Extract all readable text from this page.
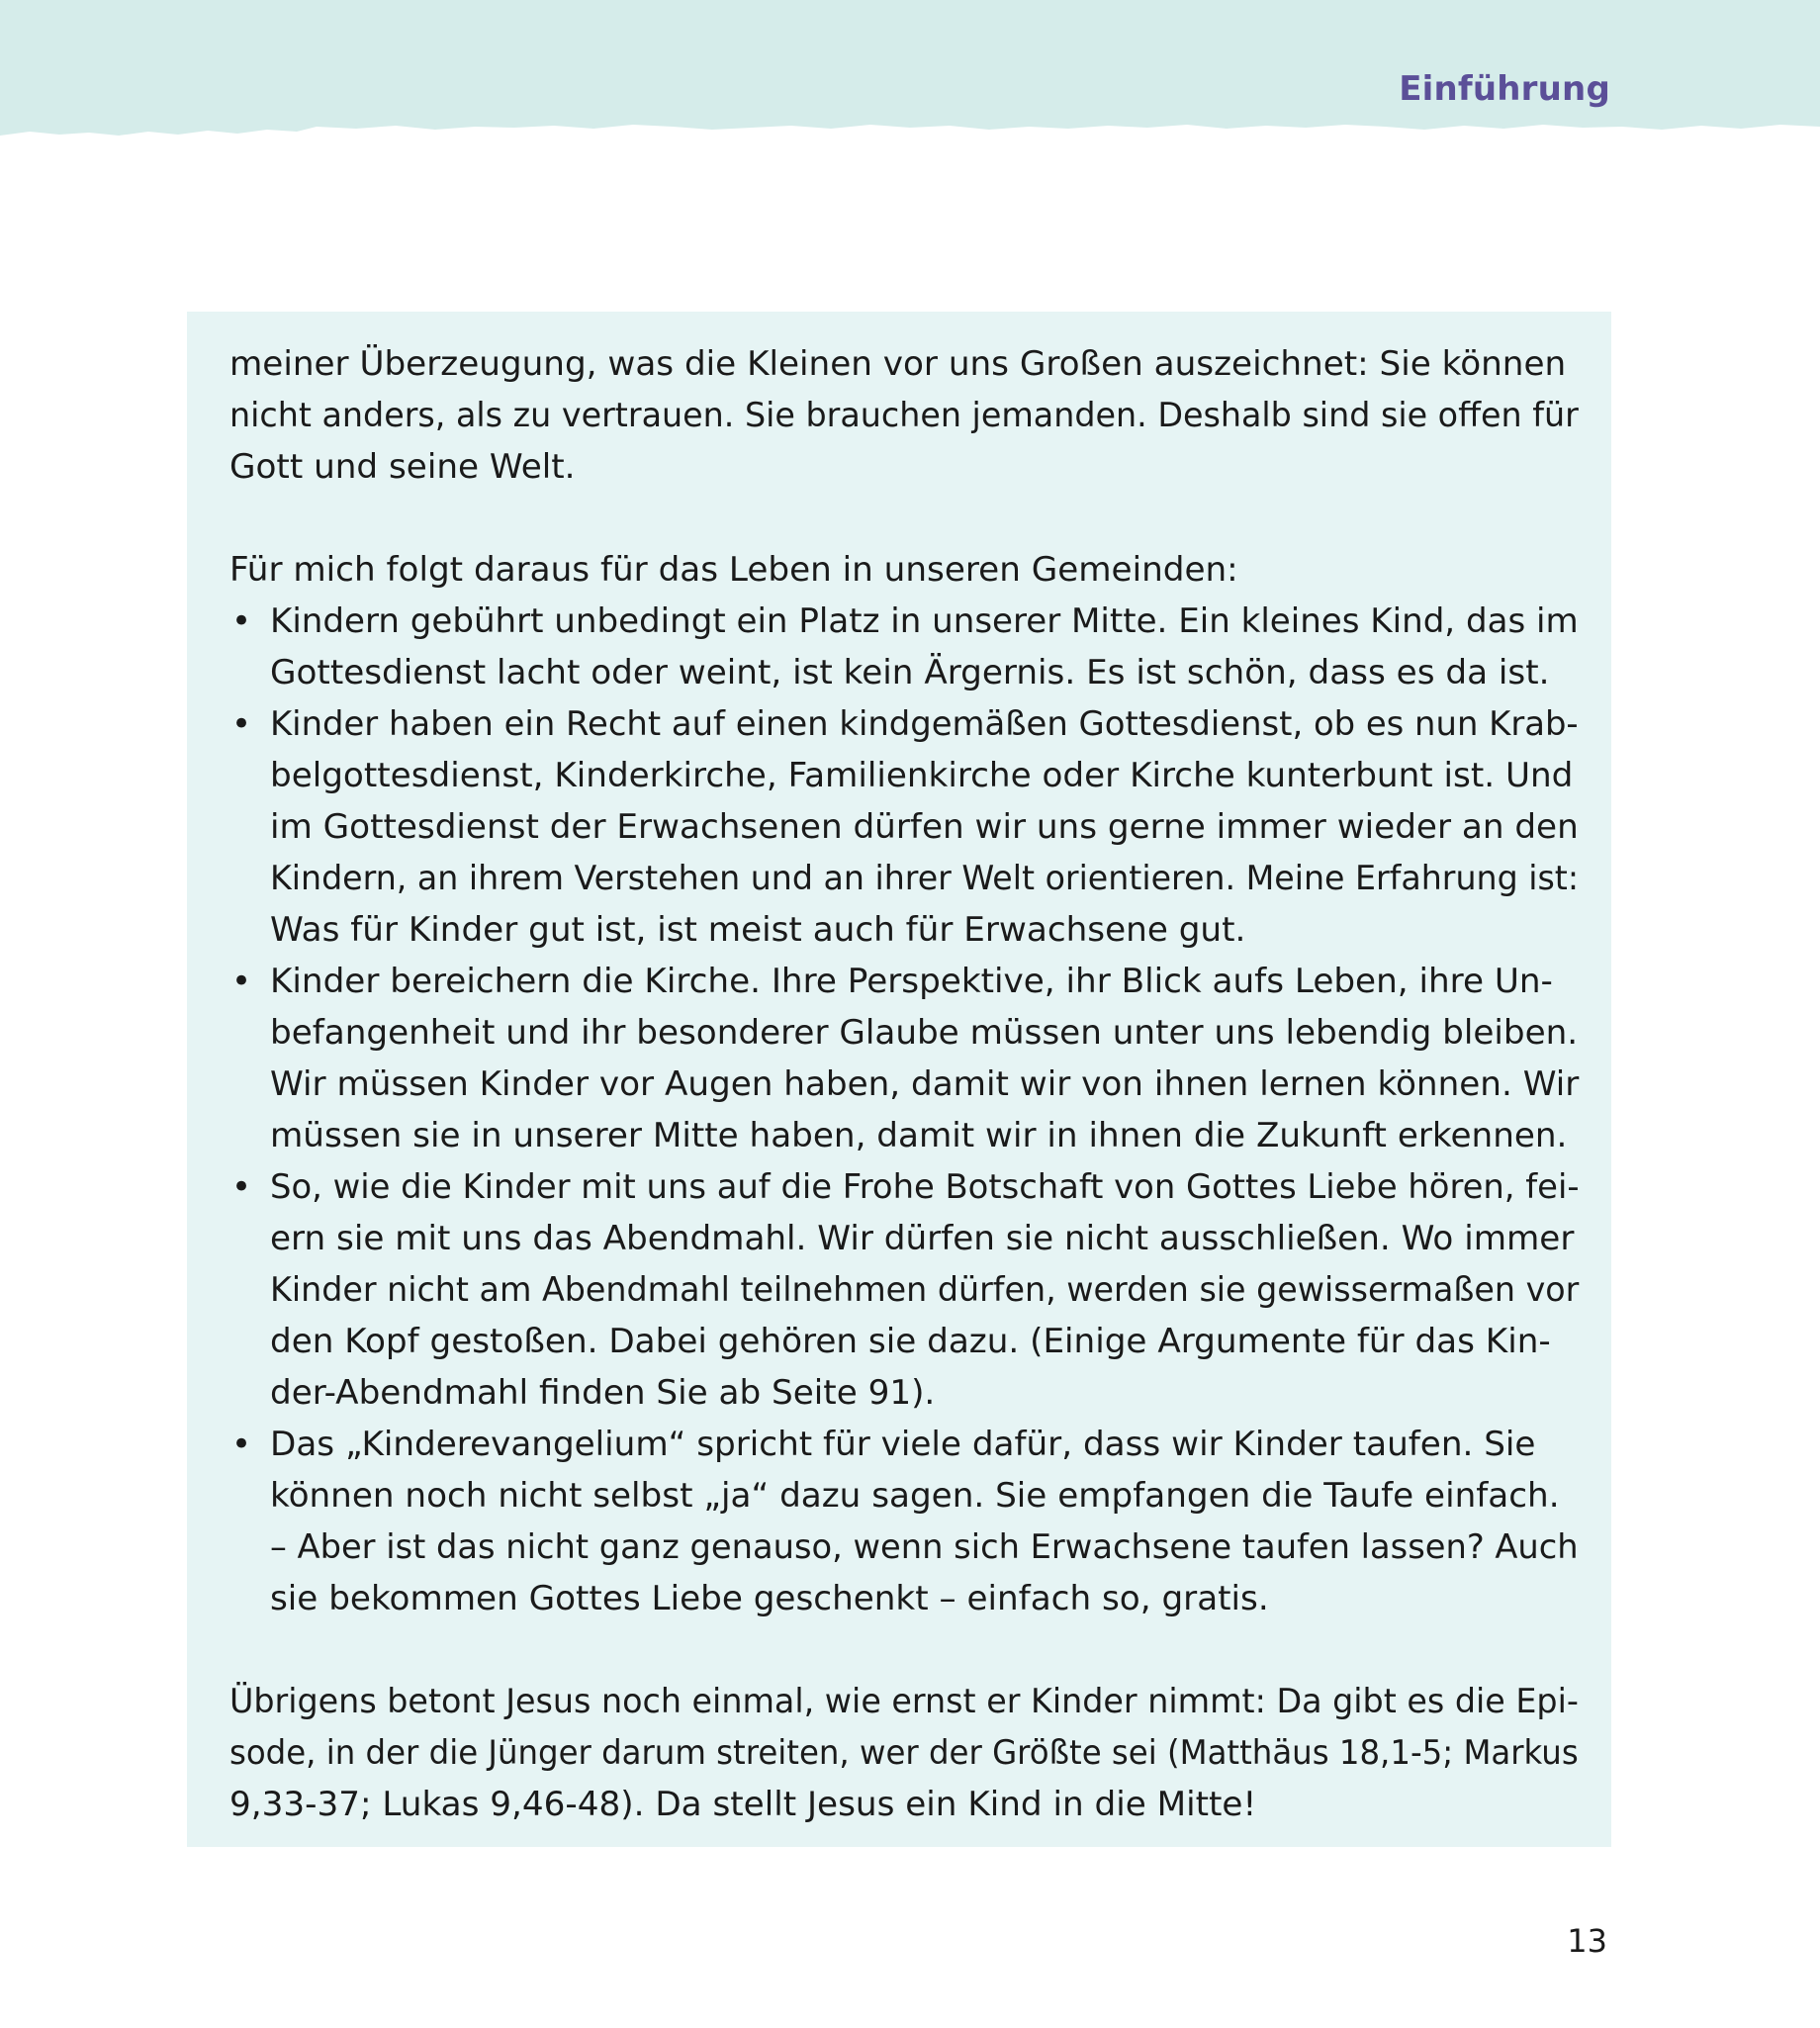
Einführung

meiner Überzeugung, was die Kleinen vor uns Großen auszeichnet: Sie können
nicht anders, als zu vertrauen. Sie brauchen jemanden. Deshalb sind sie offen für
Gott und seine Welt.

Für mich folgt daraus für das Leben in unseren Gemeinden:

• Kindern gebührt unbedingt ein Platz in unserer Mitte. Ein kleines Kind, das im
Gottesdienst lacht oder weint, ist kein Ärgernis. Es ist schön, dass es da ist.
• Kinder haben ein Recht auf einen kindgemäßen Gottesdienst, ob es nun Krab-
belgottesdienst, Kinderkirche, Familienkirche oder Kirche kunterbunt ist. Und
im Gottesdienst der Erwachsenen dürfen wir uns gerne immer wieder an den
Kindern, an ihrem Verstehen und an ihrer Welt orientieren. Meine Erfahrung ist:
Was für Kinder gut ist, ist meist auch für Erwachsene gut.
• Kinder bereichern die Kirche. Ihre Perspektive, ihr Blick aufs Leben, ihre Un-
befangenheit und ihr besonderer Glaube müssen unter uns lebendig bleiben.
Wir müssen Kinder vor Augen haben, damit wir von ihnen lernen können. Wir
müssen sie in unserer Mitte haben, damit wir in ihnen die Zukunft erkennen.
• So, wie die Kinder mit uns auf die Frohe Botschaft von Gottes Liebe hören, fei-
ern sie mit uns das Abendmahl. Wir dürfen sie nicht ausschließen. Wo immer
Kinder nicht am Abendmahl teilnehmen dürfen, werden sie gewissermaßen vor
den Kopf gestoßen. Dabei gehören sie dazu. (Einige Argumente für das Kin-
der-Abendmahl finden Sie ab Seite 91).
• Das „Kinderevangelium“ spricht für viele dafür, dass wir Kinder taufen. Sie
können noch nicht selbst „ja“ dazu sagen. Sie empfangen die Taufe einfach.
– Aber ist das nicht ganz genauso, wenn sich Erwachsene taufen lassen? Auch
sie bekommen Gottes Liebe geschenkt – einfach so, gratis.

Übrigens betont Jesus noch einmal, wie ernst er Kinder nimmt: Da gibt es die Epi-
sode, in der die Jünger darum streiten, wer der Größte sei (Matthäus 18,1-5; Markus
9,33-37; Lukas 9,46-48). Da stellt Jesus ein Kind in die Mitte!

13
